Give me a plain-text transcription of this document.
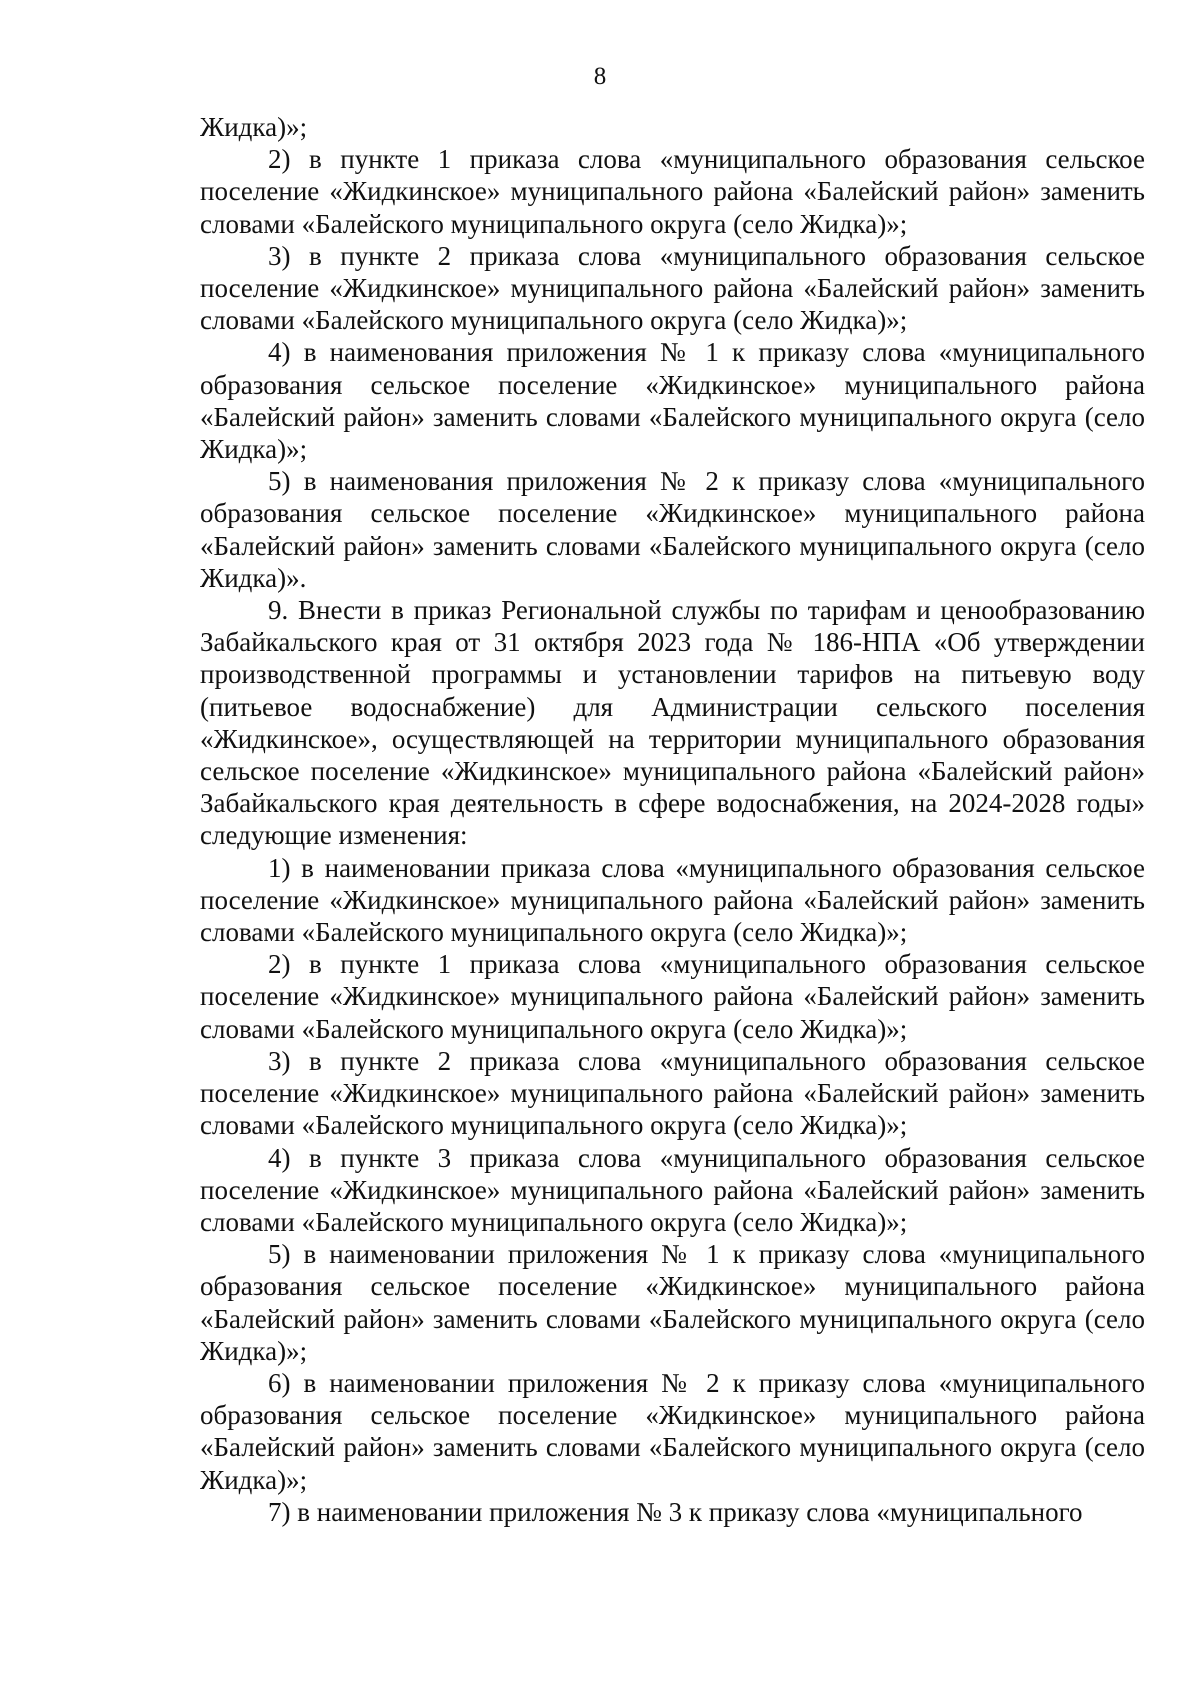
8

Жидка)»;

2) в пункте 1 приказа слова «муниципального образования сельское поселение «Жидкинское» муниципального района «Балейский район» заменить словами «Балейского муниципального округа (село Жидка)»;

3) в пункте 2 приказа слова «муниципального образования сельское поселение «Жидкинское» муниципального района «Балейский район» заменить словами «Балейского муниципального округа (село Жидка)»;

4) в наименования приложения № 1 к приказу слова «муниципального образования сельское поселение «Жидкинское» муниципального района «Балейский район» заменить словами «Балейского муниципального округа (село Жидка)»;

5) в наименования приложения № 2 к приказу слова «муниципального образования сельское поселение «Жидкинское» муниципального района «Балейский район» заменить словами «Балейского муниципального округа (село Жидка)».

9. Внести в приказ Региональной службы по тарифам и ценообразованию Забайкальского края от 31 октября 2023 года № 186-НПА «Об утверждении производственной программы и установлении тарифов на питьевую воду (питьевое водоснабжение) для Администрации сельского поселения «Жидкинское», осуществляющей на территории муниципального образования сельское поселение «Жидкинское» муниципального района «Балейский район» Забайкальского края деятельность в сфере водоснабжения, на 2024-2028 годы» следующие изменения:

1) в наименовании приказа слова «муниципального образования сельское поселение «Жидкинское» муниципального района «Балейский район» заменить словами «Балейского муниципального округа (село Жидка)»;

2) в пункте 1 приказа слова «муниципального образования сельское поселение «Жидкинское» муниципального района «Балейский район» заменить словами «Балейского муниципального округа (село Жидка)»;

3) в пункте 2 приказа слова «муниципального образования сельское поселение «Жидкинское» муниципального района «Балейский район» заменить словами «Балейского муниципального округа (село Жидка)»;

4) в пункте 3 приказа слова «муниципального образования сельское поселение «Жидкинское» муниципального района «Балейский район» заменить словами «Балейского муниципального округа (село Жидка)»;

5) в наименовании приложения № 1 к приказу слова «муниципального образования сельское поселение «Жидкинское» муниципального района «Балейский район» заменить словами «Балейского муниципального округа (село Жидка)»;

6) в наименовании приложения № 2 к приказу слова «муниципального образования сельское поселение «Жидкинское» муниципального района «Балейский район» заменить словами «Балейского муниципального округа (село Жидка)»;

7) в наименовании приложения № 3 к приказу слова «муниципального
